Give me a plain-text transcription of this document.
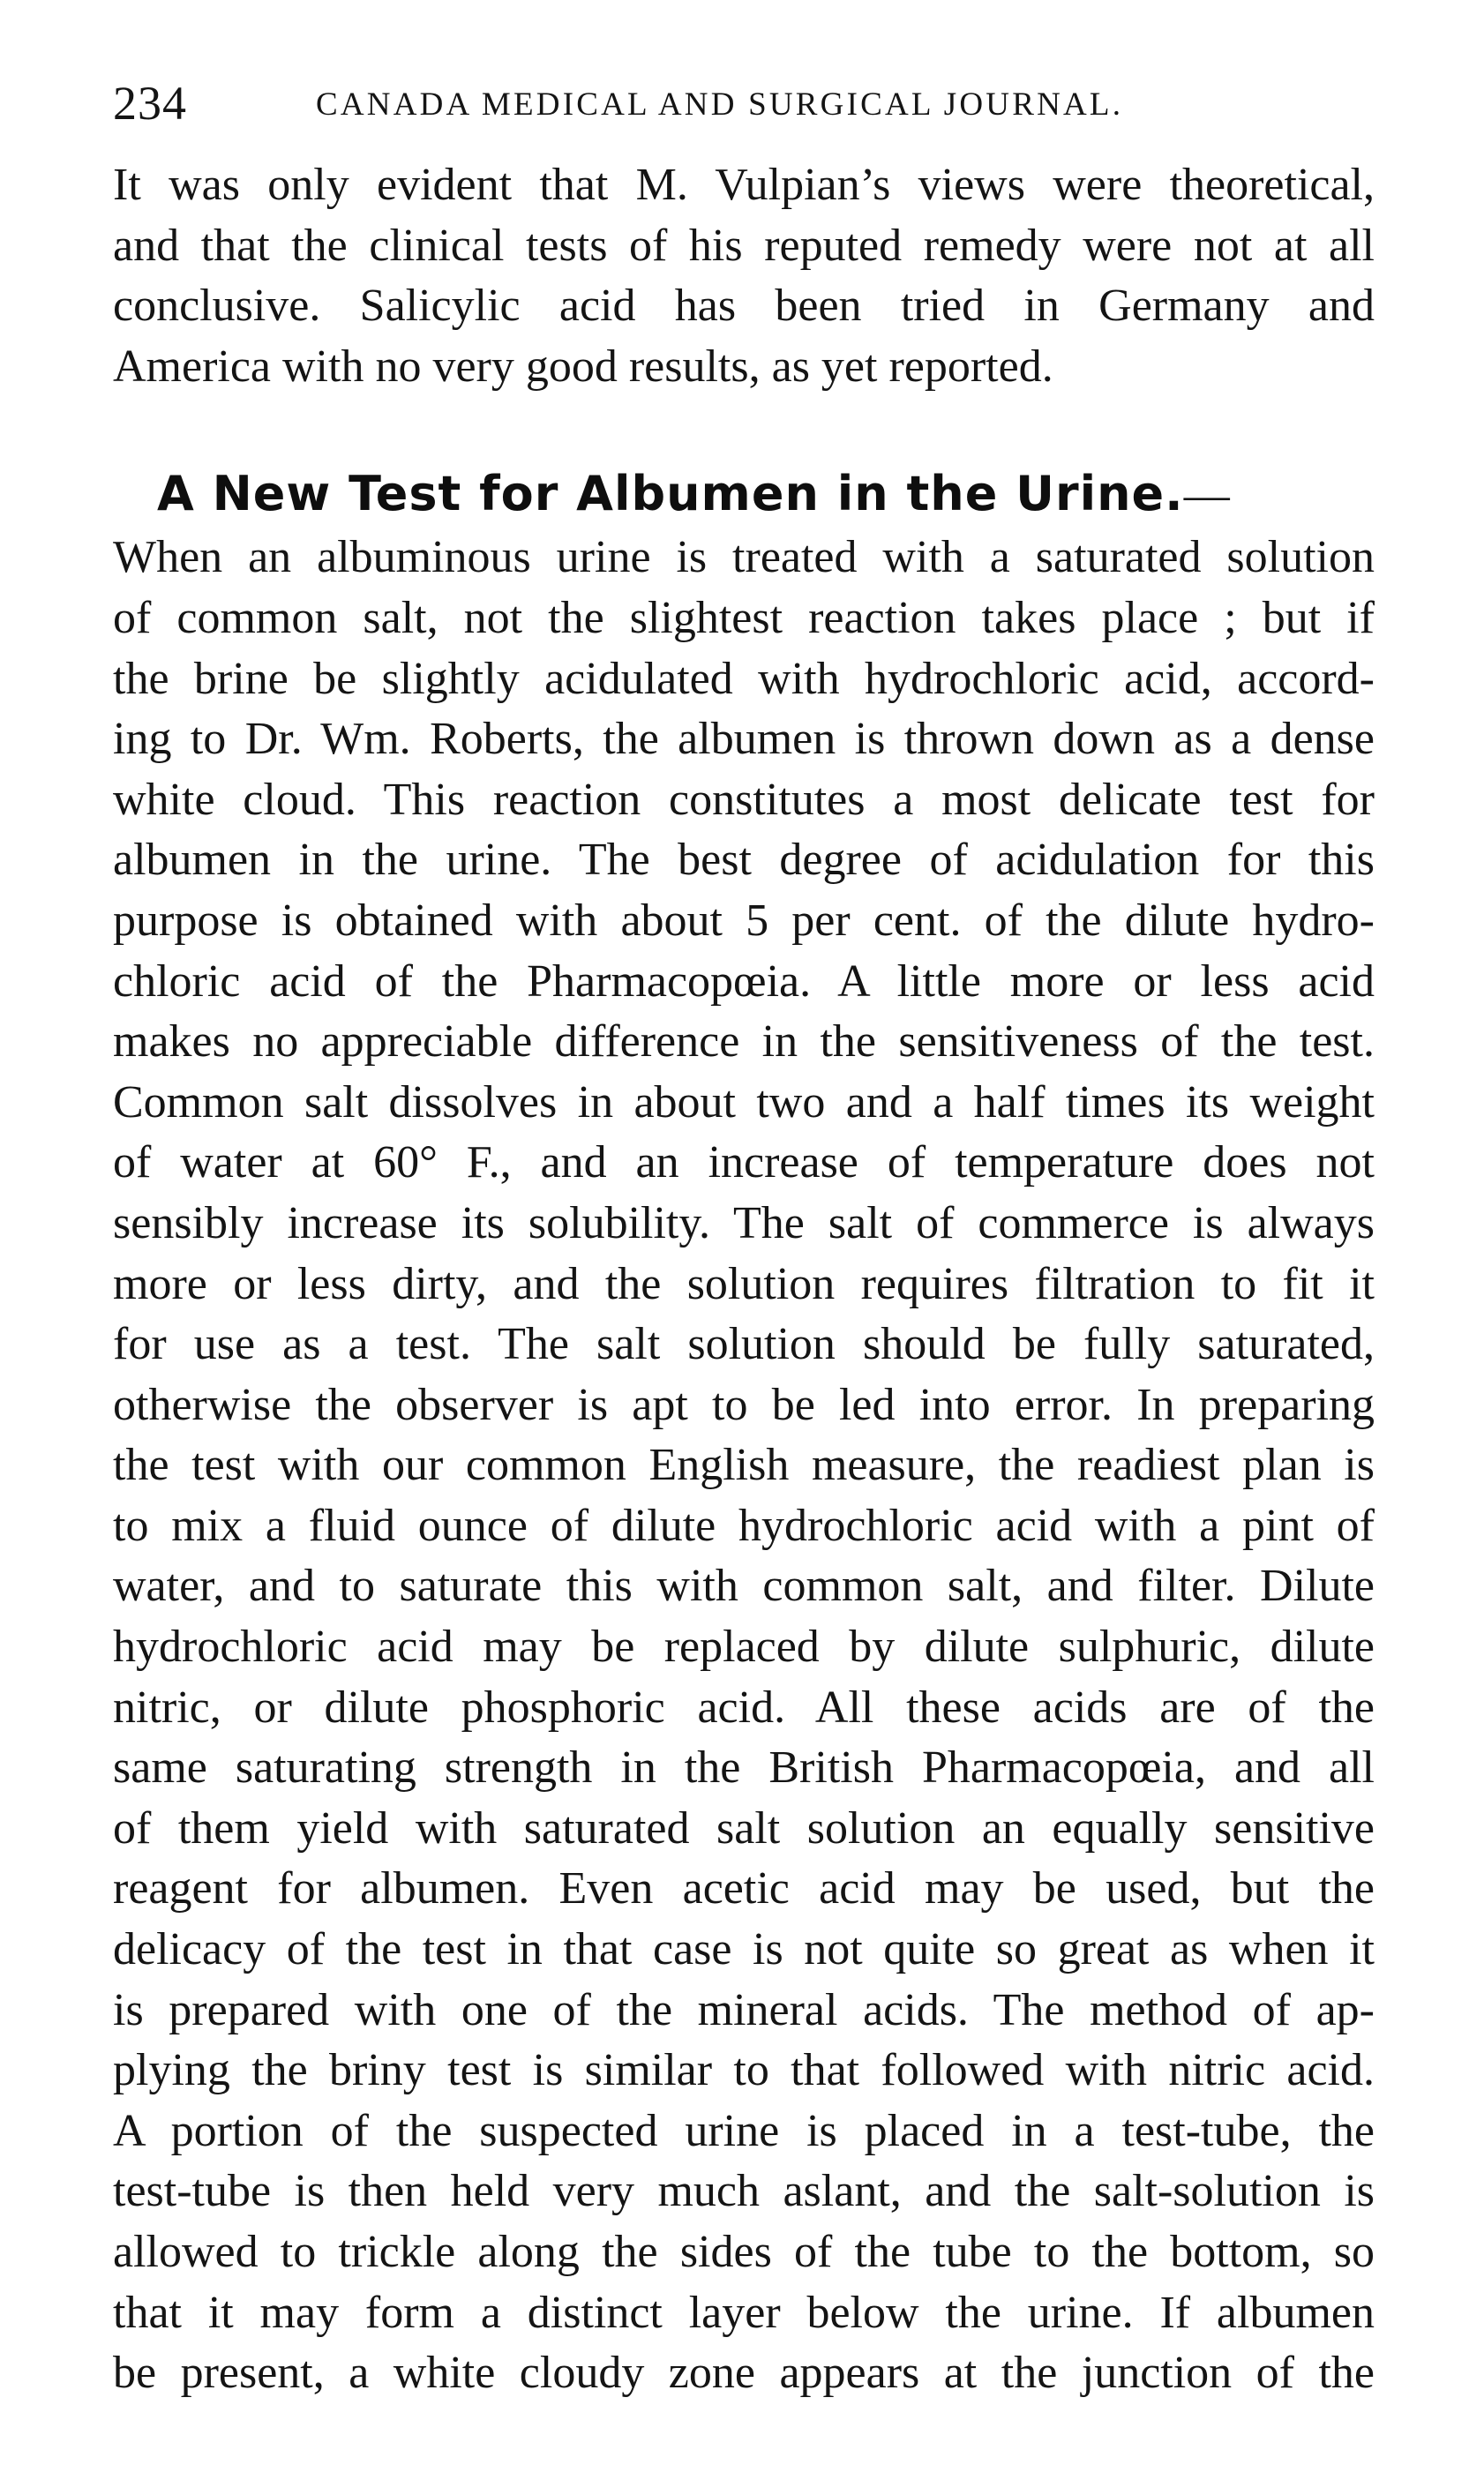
234	CANADA MEDICAL AND SURGICAL JOURNAL.
It was only evident that M. Vulpian’s views were theoretical,
and that the clinical tests of his reputed remedy were not at all
conclusive. Salicylic acid has been tried in Germany and
America with no very good results, as yet reported.
A New Test for Albumen in the Urine.—
When an albuminous urine is treated with a saturated solution
of common salt, not the slightest reaction takes place ; but if
the brine be slightly acidulated with hydrochloric acid, accord-
ing to Dr. Wm. Roberts, the albumen is thrown down as a dense
white cloud. This reaction constitutes a most delicate test for
albumen in the urine. The best degree of acidulation for this
purpose is obtained with about 5 per cent. of the dilute hydro-
chloric acid of the Pharmacopœia. A little more or less acid
makes no appreciable difference in the sensitiveness of the test.
Common salt dissolves in about two and a half times its weight
of water at 60° F., and an increase of temperature does not
sensibly increase its solubility. The salt of commerce is always
more or less dirty, and the solution requires filtration to fit it
for use as a test. The salt solution should be fully saturated,
otherwise the observer is apt to be led into error. In preparing
the test with our common English measure, the readiest plan is
to mix a fluid ounce of dilute hydrochloric acid with a pint of
water, and to saturate this with common salt, and filter. Dilute
hydrochloric acid may be replaced by dilute sulphuric, dilute
nitric, or dilute phosphoric acid. All these acids are of the
same saturating strength in the British Pharmacopœia, and all
of them yield with saturated salt solution an equally sensitive
reagent for albumen. Even acetic acid may be used, but the
delicacy of the test in that case is not quite so great as when it
is prepared with one of the mineral acids. The method of ap-
plying the briny test is similar to that followed with nitric acid.
A portion of the suspected urine is placed in a test-tube, the
test-tube is then held very much aslant, and the salt-solution is
allowed to trickle along the sides of the tube to the bottom, so
that it may form a distinct layer below the urine. If albumen
be present, a white cloudy zone appears at the junction of the
